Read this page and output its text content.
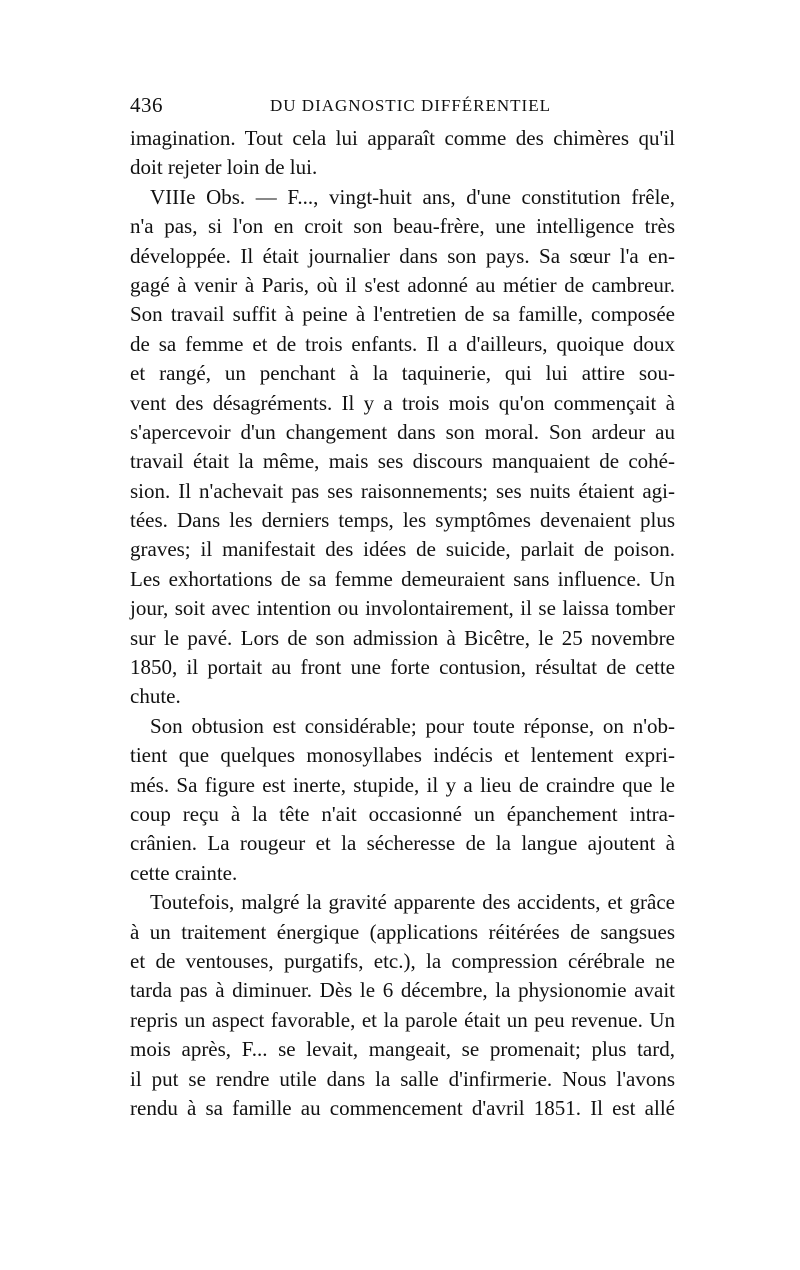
436	DU DIAGNOSTIC DIFFÉRENTIEL
imagination. Tout cela lui apparaît comme des chimères qu'il
doit rejeter loin de lui.
VIIIe Obs. — F..., vingt-huit ans, d'une constitution frêle,
n'a pas, si l'on en croit son beau-frère, une intelligence très
développée. Il était journalier dans son pays. Sa sœur l'a en-
gagé à venir à Paris, où il s'est adonné au métier de cambreur.
Son travail suffit à peine à l'entretien de sa famille, composée
de sa femme et de trois enfants. Il a d'ailleurs, quoique doux
et rangé, un penchant à la taquinerie, qui lui attire sou-
vent des désagréments. Il y a trois mois qu'on commençait à
s'apercevoir d'un changement dans son moral. Son ardeur au
travail était la même, mais ses discours manquaient de cohé-
sion. Il n'achevait pas ses raisonnements; ses nuits étaient agi-
tées. Dans les derniers temps, les symptômes devenaient plus
graves; il manifestait des idées de suicide, parlait de poison.
Les exhortations de sa femme demeuraient sans influence. Un
jour, soit avec intention ou involontairement, il se laissa tomber
sur le pavé. Lors de son admission à Bicêtre, le 25 novembre
1850, il portait au front une forte contusion, résultat de cette
chute.
Son obtusion est considérable; pour toute réponse, on n'ob-
tient que quelques monosyllabes indécis et lentement expri-
més. Sa figure est inerte, stupide, il y a lieu de craindre que le
coup reçu à la tête n'ait occasionné un épanchement intra-
crânien. La rougeur et la sécheresse de la langue ajoutent à
cette crainte.
Toutefois, malgré la gravité apparente des accidents, et grâce
à un traitement énergique (applications réitérées de sangsues
et de ventouses, purgatifs, etc.), la compression cérébrale ne
tarda pas à diminuer. Dès le 6 décembre, la physionomie avait
repris un aspect favorable, et la parole était un peu revenue. Un
mois après, F... se levait, mangeait, se promenait; plus tard,
il put se rendre utile dans la salle d'infirmerie. Nous l'avons
rendu à sa famille au commencement d'avril 1851. Il est allé
